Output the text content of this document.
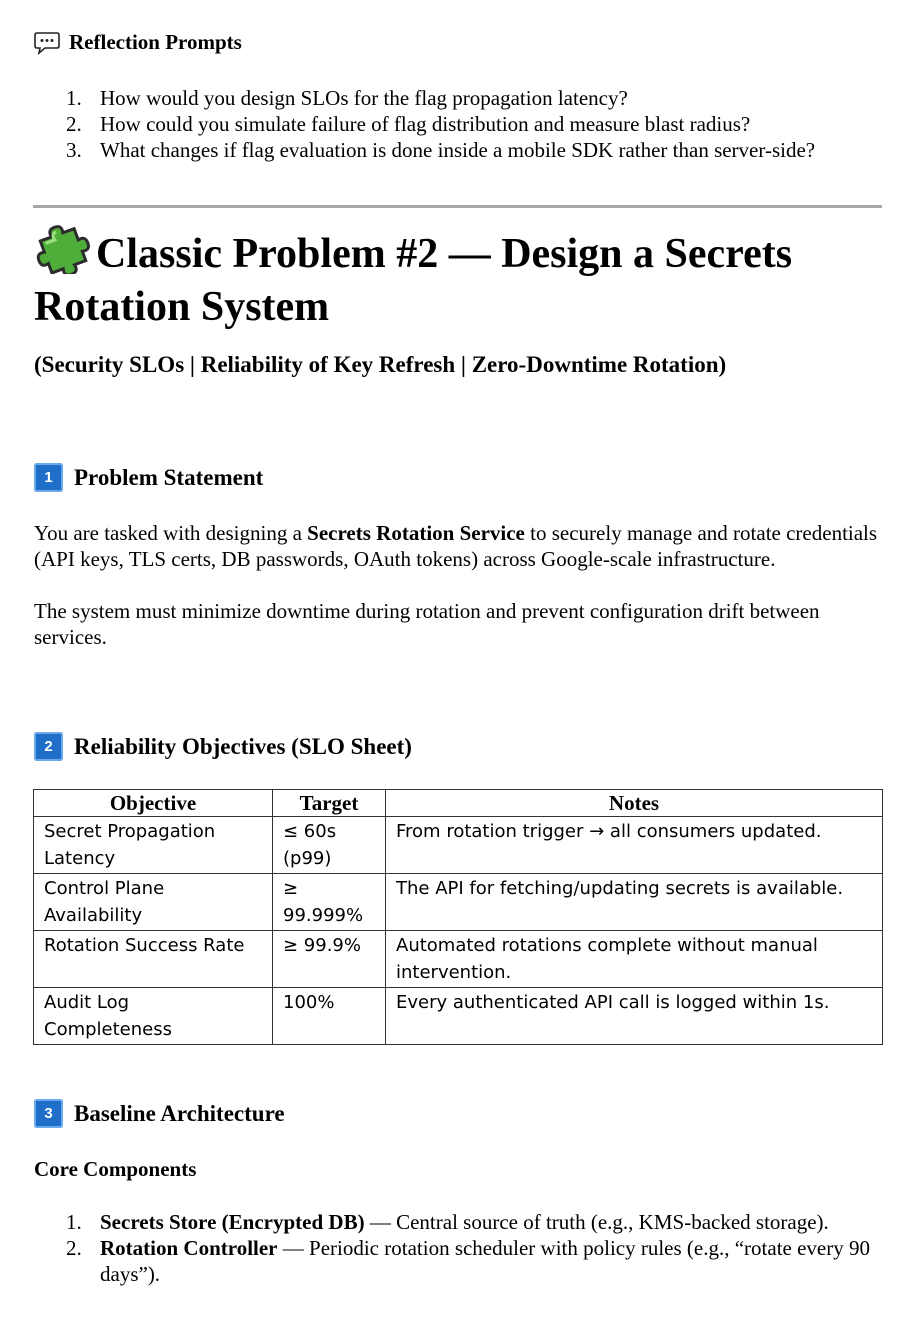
Reflection Prompts
1. How would you design SLOs for the flag propagation latency?
2. How could you simulate failure of flag distribution and measure blast radius?
3. What changes if flag evaluation is done inside a mobile SDK rather than server-side?
Classic Problem #2 — Design a Secrets Rotation System
(Security SLOs | Reliability of Key Refresh | Zero-Downtime Rotation)
1 Problem Statement

You are tasked with designing a Secrets Rotation Service to securely manage and rotate credentials (API keys, TLS certs, DB passwords, OAuth tokens) across Google-scale infrastructure.

The system must minimize downtime during rotation and prevent configuration drift between services.

2 Reliability Objectives (SLO Sheet)
Objective	Target	Notes
Secret Propagation Latency	≤ 60s (p99)	From rotation trigger → all consumers updated.
Control Plane Availability	≥ 99.999%	The API for fetching/updating secrets is available.
Rotation Success Rate	≥ 99.9%	Automated rotations complete without manual intervention.
Audit Log Completeness	100%	Every authenticated API call is logged within 1s.
3 Baseline Architecture
Core Components
1. Secrets Store (Encrypted DB) — Central source of truth (e.g., KMS-backed storage).
2. Rotation Controller — Periodic rotation scheduler with policy rules (e.g., “rotate every 90 days”).
